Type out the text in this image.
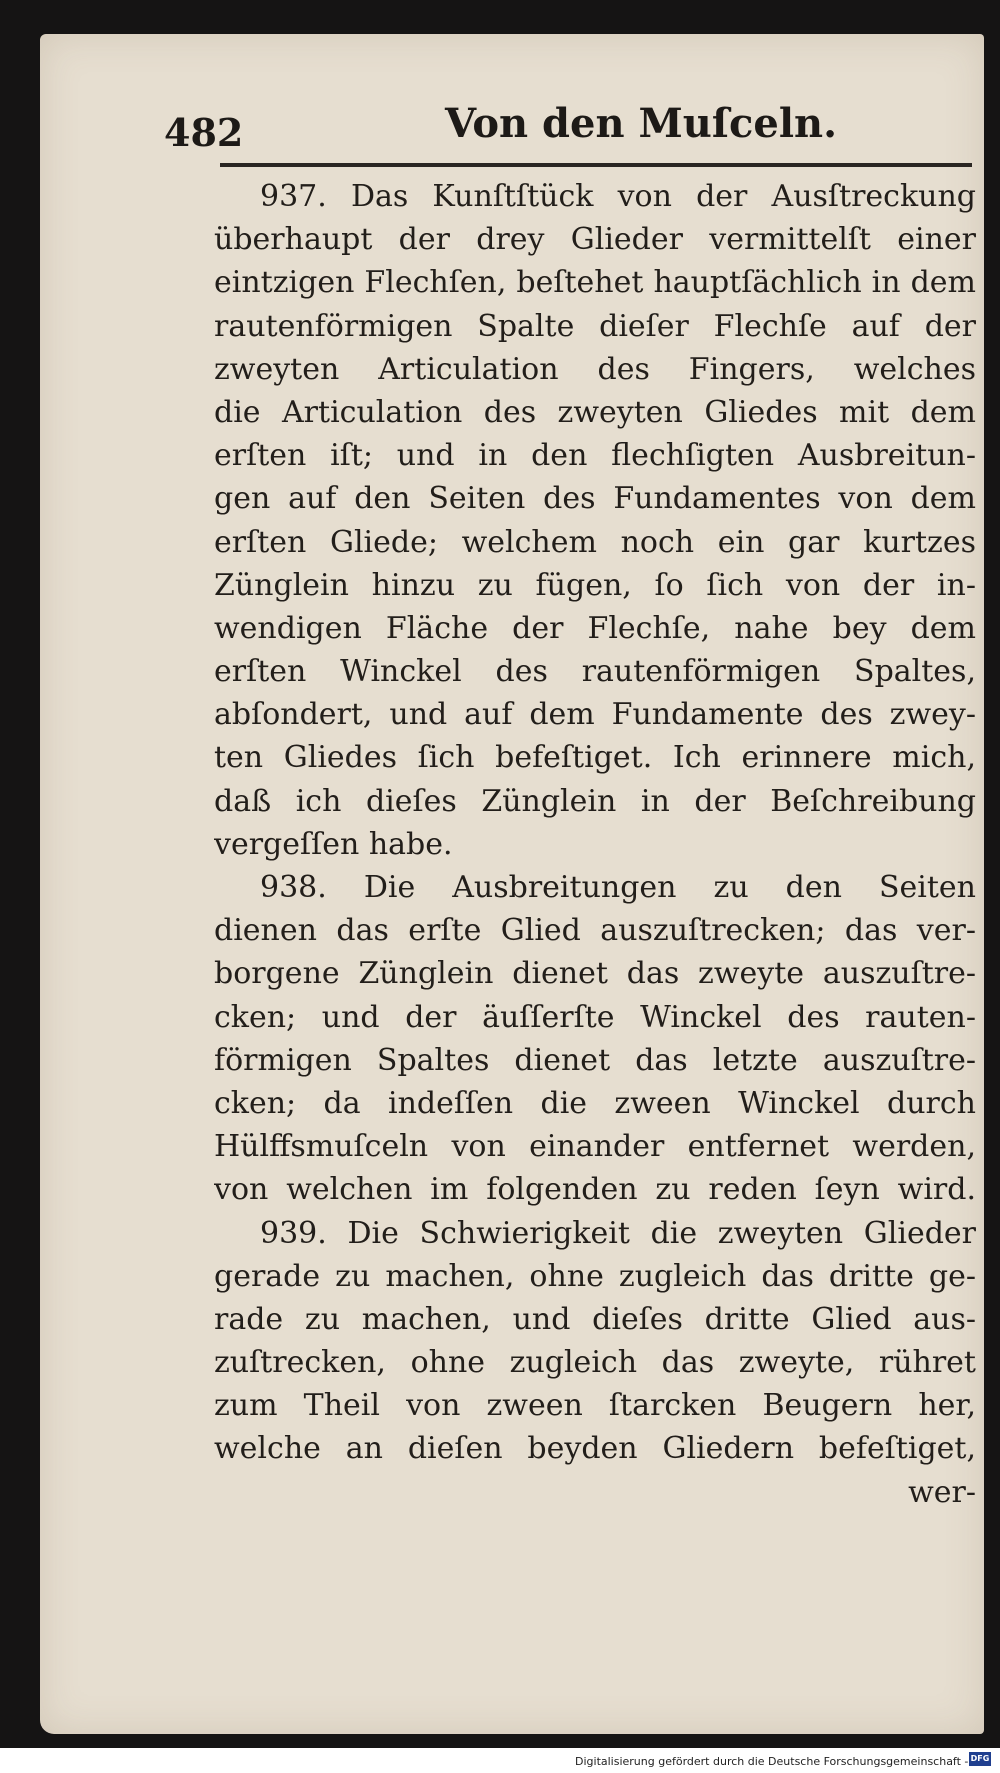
482	Von den Muſceln.
937. Das Kunſtſtück von der Ausſtreckung
überhaupt der drey Glieder vermittelſt einer
eintzigen Flechſen, beſtehet hauptſächlich in dem
rautenförmigen Spalte dieſer Flechſe auf der
zweyten Articulation des Fingers, welches
die Articulation des zweyten Gliedes mit dem
erſten iſt; und in den flechſigten Ausbreitun-
gen auf den Seiten des Fundamentes von dem
erſten Gliede; welchem noch ein gar kurtzes
Zünglein hinzu zu fügen, ſo ſich von der in-
wendigen Fläche der Flechſe, nahe bey dem
erſten Winckel des rautenförmigen Spaltes,
abſondert, und auf dem Fundamente des zwey-
ten Gliedes ſich befeſtiget. Ich erinnere mich,
daß ich dieſes Zünglein in der Beſchreibung
vergeſſen habe.
938. Die Ausbreitungen zu den Seiten
dienen das erſte Glied auszuſtrecken; das ver-
borgene Zünglein dienet das zweyte auszuſtre-
cken; und der äuſſerſte Winckel des rauten-
förmigen Spaltes dienet das letzte auszuſtre-
cken; da indeſſen die zween Winckel durch
Hülffsmuſceln von einander entfernet werden,
von welchen im folgenden zu reden ſeyn wird.
939. Die Schwierigkeit die zweyten Glieder
gerade zu machen, ohne zugleich das dritte ge-
rade zu machen, und dieſes dritte Glied aus-
zuſtrecken, ohne zugleich das zweyte, rühret
zum Theil von zween ſtarcken Beugern her,
welche an dieſen beyden Gliedern befeſtiget,
wer-
Digitalisierung gefördert durch die Deutsche Forschungsgemeinschaft - DFG
